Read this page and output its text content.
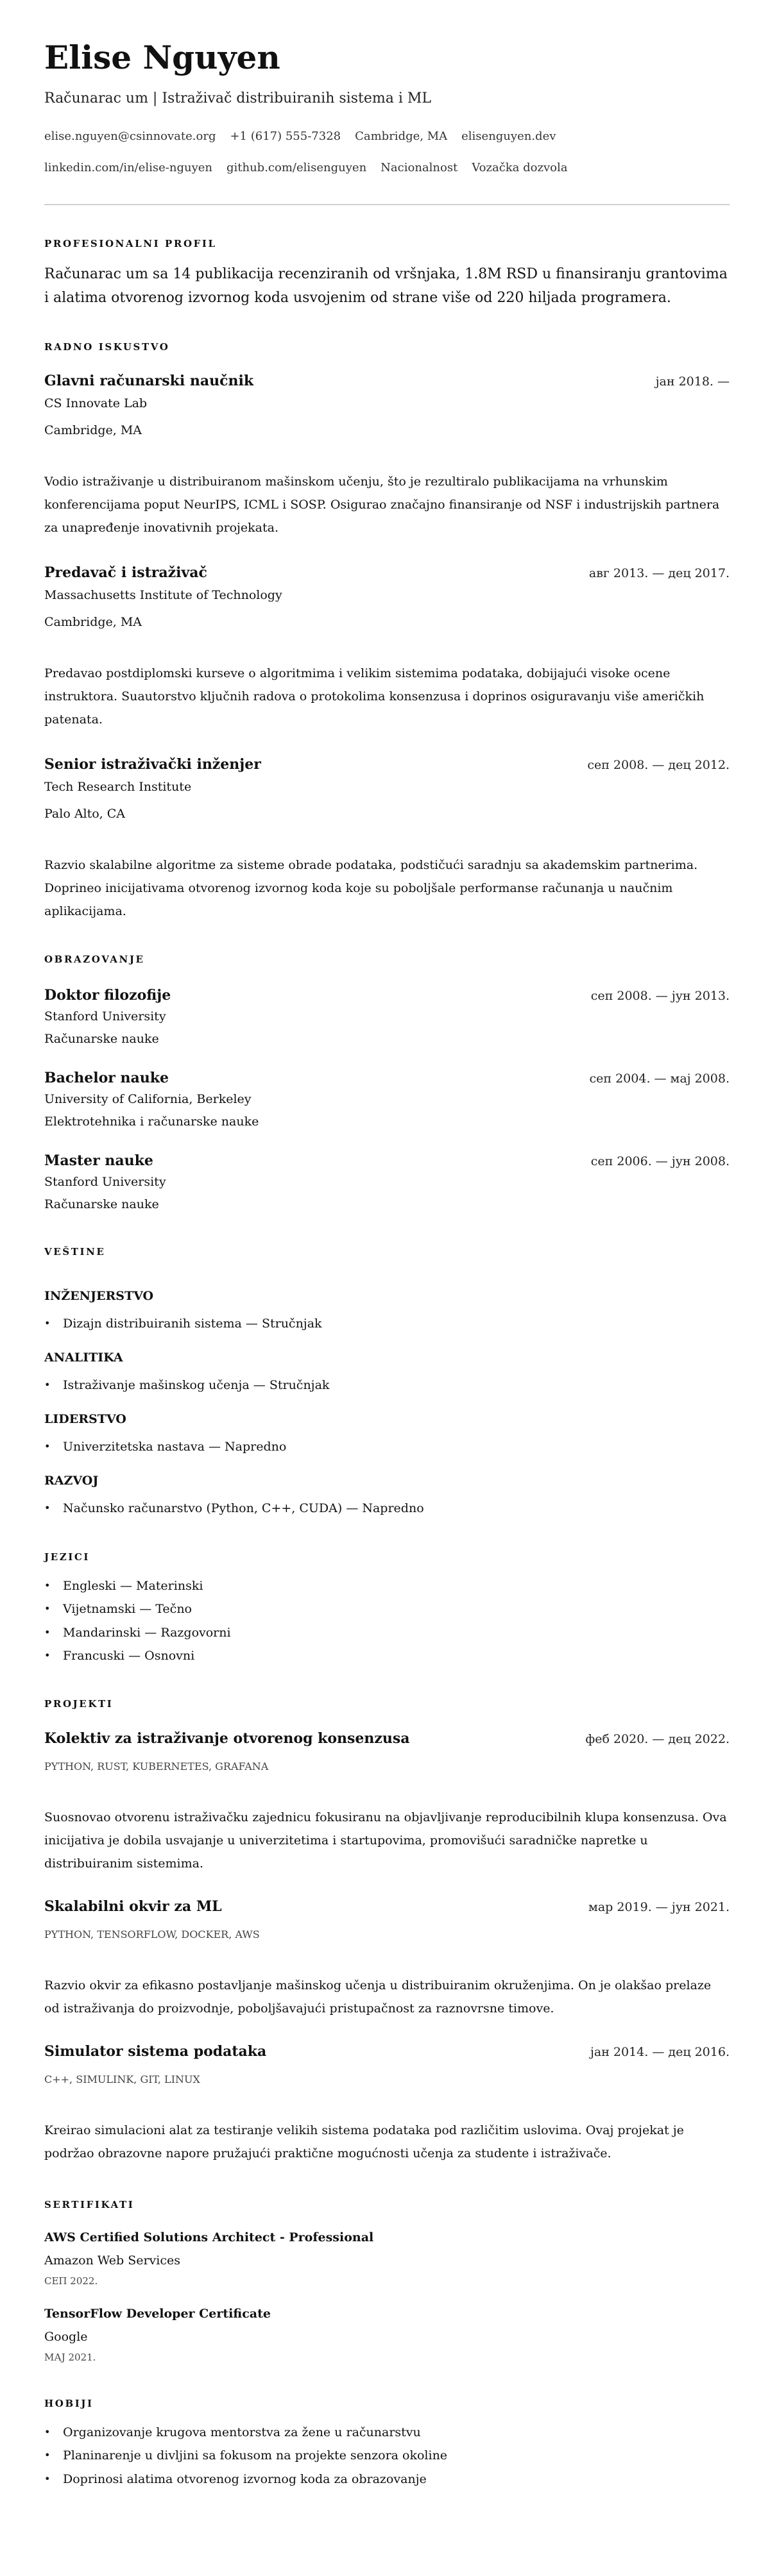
Elise Nguyen
Računarac um | Istraživač distribuiranih sistema i ML
elise.nguyen@csinnovate.org +1 (617) 555-7328 Cambridge, MA elisenguyen.dev
linkedin.com/in/elise-nguyen github.com/elisenguyen Nacionalnost Vozačka dozvola
PROFESIONALNI PROFIL

Računarac um sa 14 publikacija recenziranih od vršnjaka, 1.8M RSD u finansiranju grantovima i alatima otvorenog izvornog koda usvojenim od strane više od 220 hiljada programera.

RADNO ISKUSTVO
Glavni računarski naučnik	јан 2018. —
CS Innovate Lab
Cambridge, MA
Vodio istraživanje u distribuiranom mašinskom učenju, što je rezultiralo publikacijama na vrhunskim konferencijama poput NeurIPS, ICML i SOSP. Osigurao značajno finansiranje od NSF i industrijskih partnera za unapređenje inovativnih projekata.
Predavač i istraživač	авг 2013. — дец 2017.
Massachusetts Institute of Technology
Cambridge, MA
Predavao postdiplomski kurseve o algoritmima i velikim sistemima podataka, dobijajući visoke ocene instruktora. Suautorstvo ključnih radova o protokolima konsenzusa i doprinos osiguravanju više američkih patenata.
Senior istraživački inženjer	сеп 2008. — дец 2012.
Tech Research Institute
Palo Alto, CA
Razvio skalabilne algoritme za sisteme obrade podataka, podstičući saradnju sa akademskim partnerima. Doprineo inicijativama otvorenog izvornog koda koje su poboljšale performanse računanja u naučnim aplikacijama.
OBRAZOVANJE
Doktor filozofije	сеп 2008. — јун 2013.
Stanford University
Računarske nauke
Bachelor nauke	сеп 2004. — мај 2008.
University of California, Berkeley
Elektrotehnika i računarske nauke
Master nauke	сеп 2006. — јун 2008.
Stanford University
Računarske nauke
VEŠTINE
INŽENJERSTVO
•	Dizajn distribuiranih sistema — Stručnjak
ANALITIKA
•	Istraživanje mašinskog učenja — Stručnjak
LIDERSTVO
•	Univerzitetska nastava — Napredno
RAZVOJ
•	Načunsko računarstvo (Python, C++, CUDA) — Napredno
JEZICI
•	Engleski — Materinski
•	Vijetnamski — Tečno
•	Mandarinski — Razgovorni
•	Francuski — Osnovni
PROJEKTI
Kolektiv za istraživanje otvorenog konsenzusa	феб 2020. — дец 2022.
PYTHON, RUST, KUBERNETES, GRAFANA
Suosnovao otvorenu istraživačku zajednicu fokusiranu na objavljivanje reproducibilnih klupa konsenzusa. Ova inicijativa je dobila usvajanje u univerzitetima i startupovima, promovišući saradničke napretke u distribuiranim sistemima.
Skalabilni okvir za ML	мар 2019. — јун 2021.
PYTHON, TENSORFLOW, DOCKER, AWS
Razvio okvir za efikasno postavljanje mašinskog učenja u distribuiranim okruženjima. On je olakšao prelaze od istraživanja do proizvodnje, poboljšavajući pristupačnost za raznovrsne timove.
Simulator sistema podataka	јан 2014. — дец 2016.
C++, SIMULINK, GIT, LINUX
Kreirao simulacioni alat za testiranje velikih sistema podataka pod različitim uslovima. Ovaj projekat je podržao obrazovne napore pružajući praktične mogućnosti učenja za studente i istraživače.
SERTIFIKATI
AWS Certified Solutions Architect - Professional
Amazon Web Services
СЕП 2022.
TensorFlow Developer Certificate
Google
МАЈ 2021.
HOBIJI
•	Organizovanje krugova mentorstva za žene u računarstvu
•	Planinarenje u divljini sa fokusom na projekte senzora okoline
•	Doprinosi alatima otvorenog izvornog koda za obrazovanje
